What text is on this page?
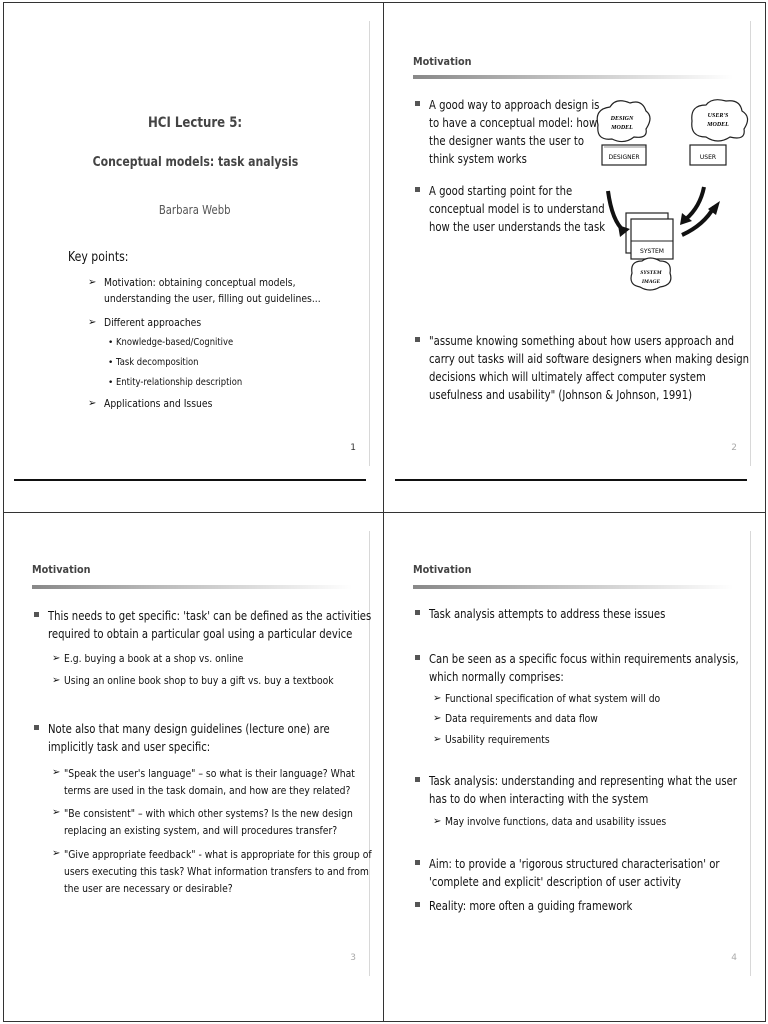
HCI Lecture 5:
Conceptual models: task analysis
Barbara Webb
Key points:
➢ Motivation: obtaining conceptual models,
understanding the user, filling out guidelines...
➢ Different approaches
• Knowledge-based/Cognitive
• Task decomposition
• Entity-relationship description
➢ Applications and Issues
1
Motivation
A good way to approach design is
to have a conceptual model: how
the designer wants the user to
think system works
A good starting point for the
conceptual model is to understand
how the user understands the task
DESIGN
MODEL
USER'S
MODEL
DESIGNER	USER
SYSTEM
SYSTEM
IMAGE
"assume knowing something about how users approach and
carry out tasks will aid software designers when making design
decisions which will ultimately affect computer system
usefulness and usability" (Johnson & Johnson, 1991)
2
Motivation
This needs to get specific: 'task' can be defined as the activities
required to obtain a particular goal using a particular device
➢ E.g. buying a book at a shop vs. online
➢ Using an online book shop to buy a gift vs. buy a textbook
Note also that many design guidelines (lecture one) are
implicitly task and user specific:
➢ "Speak the user's language" – so what is their language? What
terms are used in the task domain, and how are they related?
➢ "Be consistent" – with which other systems? Is the new design
replacing an existing system, and will procedures transfer?
➢ "Give appropriate feedback" - what is appropriate for this group of
users executing this task? What information transfers to and from
the user are necessary or desirable?
3
Motivation
Task analysis attempts to address these issues
Can be seen as a specific focus within requirements analysis,
which normally comprises:
➢ Functional specification of what system will do
➢ Data requirements and data flow
➢ Usability requirements
Task analysis: understanding and representing what the user
has to do when interacting with the system
➢ May involve functions, data and usability issues
Aim: to provide a 'rigorous structured characterisation' or
'complete and explicit' description of user activity
Reality: more often a guiding framework
4
